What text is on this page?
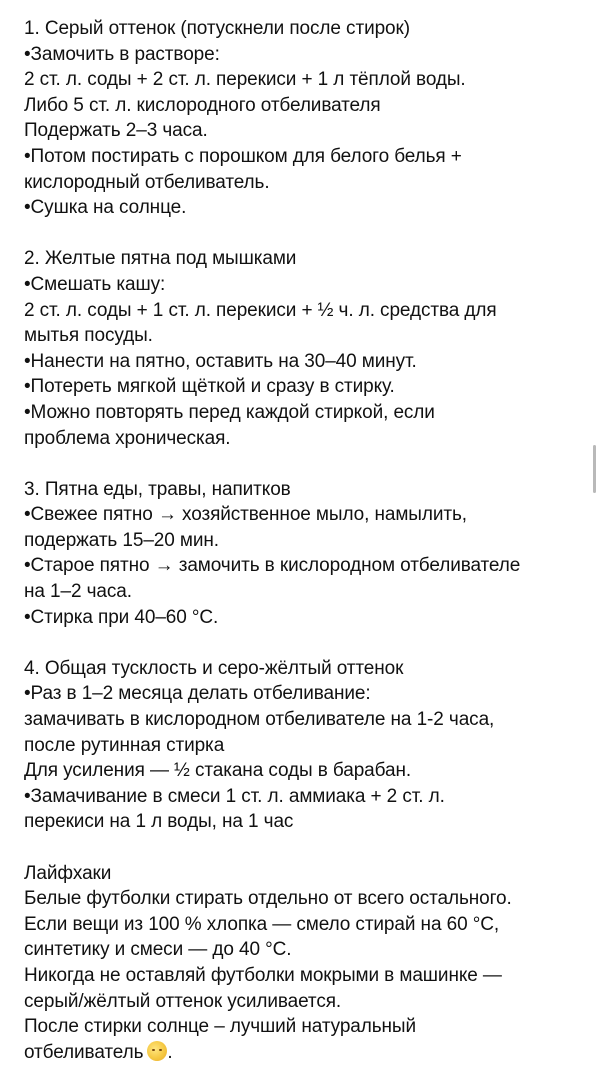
1. Серый оттенок (потускнели после стирок)
•Замочить в растворе:
2 ст. л. соды + 2 ст. л. перекиси + 1 л тёплой воды.
Либо 5 ст. л. кислородного отбеливателя
Подержать 2–3 часа.
•Потом постирать с порошком для белого белья +
кислородный отбеливатель.
•Сушка на солнце.
2. Желтые пятна под мышками
•Смешать кашу:
2 ст. л. соды + 1 ст. л. перекиси + ½ ч. л. средства для
мытья посуды.
•Нанести на пятно, оставить на 30–40 минут.
•Потереть мягкой щёткой и сразу в стирку.
•Можно повторять перед каждой стиркой, если
проблема хроническая.
3. Пятна еды, травы, напитков
•Свежее пятно → хозяйственное мыло, намылить,
подержать 15–20 мин.
•Старое пятно → замочить в кислородном отбеливателе
на 1–2 часа.
•Стирка при 40–60 °C.
4. Общая тусклость и серо-жёлтый оттенок
•Раз в 1–2 месяца делать отбеливание:
замачивать в кислородном отбеливателе на 1-2 часа,
после рутинная стирка
Для усиления — ½ стакана соды в барабан.
•Замачивание в смеси 1 ст. л. аммиака + 2 ст. л.
перекиси на 1 л воды, на 1 час
Лайфхаки
Белые футболки стирать отдельно от всего остального.
Если вещи из 100 % хлопка — смело стирай на 60 °C,
синтетику и смеси — до 40 °C.
Никогда не оставляй футболки мокрыми в машинке —
серый/жёлтый оттенок усиливается.
После стирки солнце – лучший натуральный
отбеливатель .
